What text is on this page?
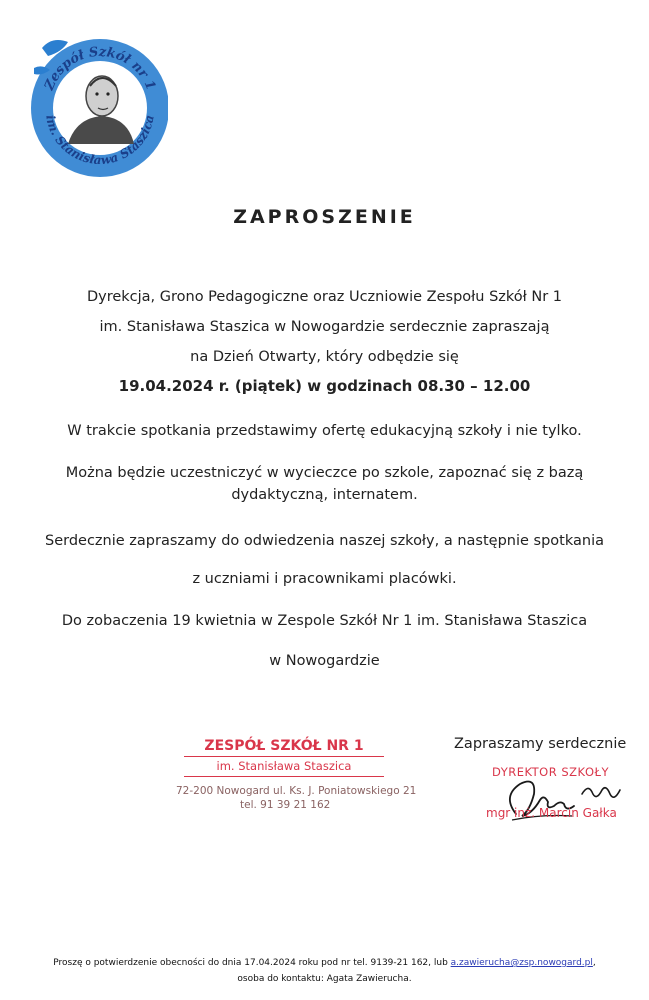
Zespół Szkół nr 1
im. Stanisława Staszica
ZAPROSZENIE
Dyrekcja, Grono Pedagogiczne oraz Uczniowie Zespołu Szkół Nr 1
im. Stanisława Staszica w Nowogardzie serdecznie zapraszają
na Dzień Otwarty, który odbędzie się
19.04.2024 r. (piątek) w godzinach 08.30 – 12.00
W trakcie spotkania przedstawimy ofertę edukacyjną szkoły i nie tylko.
Można będzie uczestniczyć w wycieczce po szkole, zapoznać się z bazą
dydaktyczną, internatem.
Serdecznie zapraszamy do odwiedzenia naszej szkoły, a następnie spotkania
z uczniami i pracownikami placówki.
Do zobaczenia 19 kwietnia w Zespole Szkół Nr 1 im. Stanisława Staszica
w Nowogardzie
ZESPÓŁ SZKÓŁ NR 1
im. Stanisława Staszica
72-200 Nowogard ul. Ks. J. Poniatowskiego 21
tel. 91 39 21 162
Zapraszamy serdecznie
DYREKTOR SZKOŁY
mgr inż. Marcin Gałka
Proszę o potwierdzenie obecności do dnia 17.04.2024 roku pod nr tel. 9139-21 162, lub a.zawierucha@zsp.nowogard.pl,
osoba do kontaktu: Agata Zawierucha.
